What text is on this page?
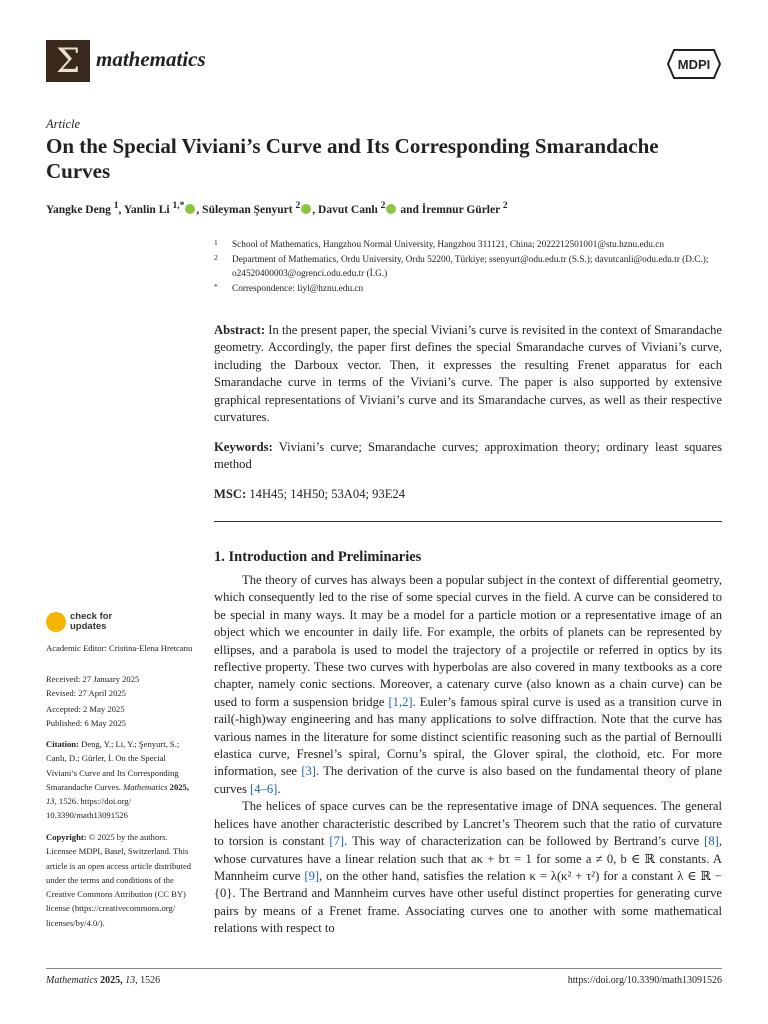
Σ mathematics	MDPI
Article
On the Special Viviani’s Curve and Its Corresponding Smarandache Curves
Yangke Deng $^1$, Yanlin Li $^{1,*}$ , Süleyman Şenyurt $^2$ , Davut Canlı $^2$ and İremnur Gürler $^2$
1 School of Mathematics, Hangzhou Normal University, Hangzhou 311121, China; 2022212501001@stu.hznu.edu.cn
2 Department of Mathematics, Ordu University, Ordu 52200, Türkiye; ssenyurt@odu.edu.tr (S.S.); davutcanli@odu.edu.tr (D.C.); o24520400003@ogrenci.odu.edu.tr (İ.G.)
* Correspondence: liyl@hznu.edu.cn
Abstract: In the present paper, the special Viviani’s curve is revisited in the context of Smarandache geometry. Accordingly, the paper first defines the special Smarandache curves of Viviani’s curve, including the Darboux vector. Then, it expresses the resulting Frenet apparatus for each Smarandache curve in terms of the Viviani’s curve. The paper is also supported by extensive graphical representations of Viviani’s curve and its Smarandache curves, as well as their respective curvatures.
Keywords: Viviani’s curve; Smarandache curves; approximation theory; ordinary least squares method
MSC: 14H45; 14H50; 53A04; 93E24
1. Introduction and Preliminaries

The theory of curves has always been a popular subject in the context of differential geometry, which consequently led to the rise of some special curves in the field. A curve can be considered to be special in many ways. It may be a model for a particle motion or a representative image of an object which we encounter in daily life. For example, the orbits of planets can be represented by ellipses, and a parabola is used to model the trajectory of a projectile or referred in optics by its reflective property. These two curves with hyperbolas are also covered in many textbooks as a core chapter, namely conic sections. Moreover, a catenary curve (also known as a chain curve) can be used to form a suspension bridge [1,2]. Euler’s famous spiral curve is used as a transition curve in rail(-high)way engineering and has many applications to solve diffraction. Note that the curve has various names in the literature for some distinct scientific reasoning such as the partial of Bernoulli elastica curve, Fresnel’s spiral, Cornu’s spiral, the Glover spiral, the clothoid, etc. For more information, see [3]. The derivation of the curve is also based on the fundamental theory of plane curves [4–6].

The helices of space curves can be the representative image of DNA sequences. The general helices have another characteristic described by Lancret’s Theorem such that the ratio of curvature to torsion is constant [7]. This way of characterization can be followed by Bertrand’s curve [8], whose curvatures have a linear relation such that aκ + bτ = 1 for some a ≠ 0, b ∈ ℝ constants. A Mannheim curve [9], on the other hand, satisfies the relation κ = λ(κ² + τ²) for a constant λ ∈ ℝ − {0}. The Bertrand and Mannheim curves have other useful distinct properties for generating curve pairs by means of a Frenet frame. Associating curves one to another with some mathematical relations with respect to

check for updates
Academic Editor: Cristina-Elena Hretcanu
Received: 27 January 2025
Revised: 27 April 2025
Accepted: 2 May 2025
Published: 6 May 2025
Citation: Deng, Y.; Li, Y.; Şenyurt, S.; Canlı, D.; Gürler, İ. On the Special Viviani’s Curve and Its Corresponding Smarandache Curves. Mathematics 2025, 13, 1526. https://doi.org/ 10.3390/math13091526
Copyright: © 2025 by the authors. Licensee MDPI, Basel, Switzerland. This article is an open access article distributed under the terms and conditions of the Creative Commons Attribution (CC BY) license (https://creativecommons.org/ licenses/by/4.0/).
Mathematics 2025, 13, 1526	https://doi.org/10.3390/math13091526
